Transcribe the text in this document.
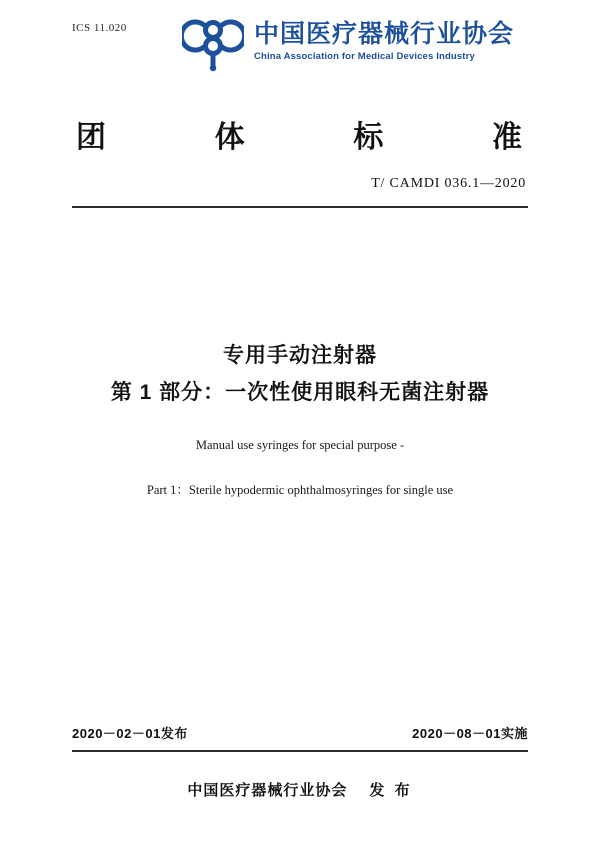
ICS 11.020	中国医疗器械行业协会
China Association for Medical Devices Industry
团	体	标	准
T/ CAMDI 036.1—2020
专用手动注射器
第 1 部分：一次性使用眼科无菌注射器
Manual use syringes for special purpose -
Part 1：Sterile hypodermic ophthalmosyringes for single use
2020－02－01发布	2020－08－01实施
中国医疗器械行业协会 发 布
